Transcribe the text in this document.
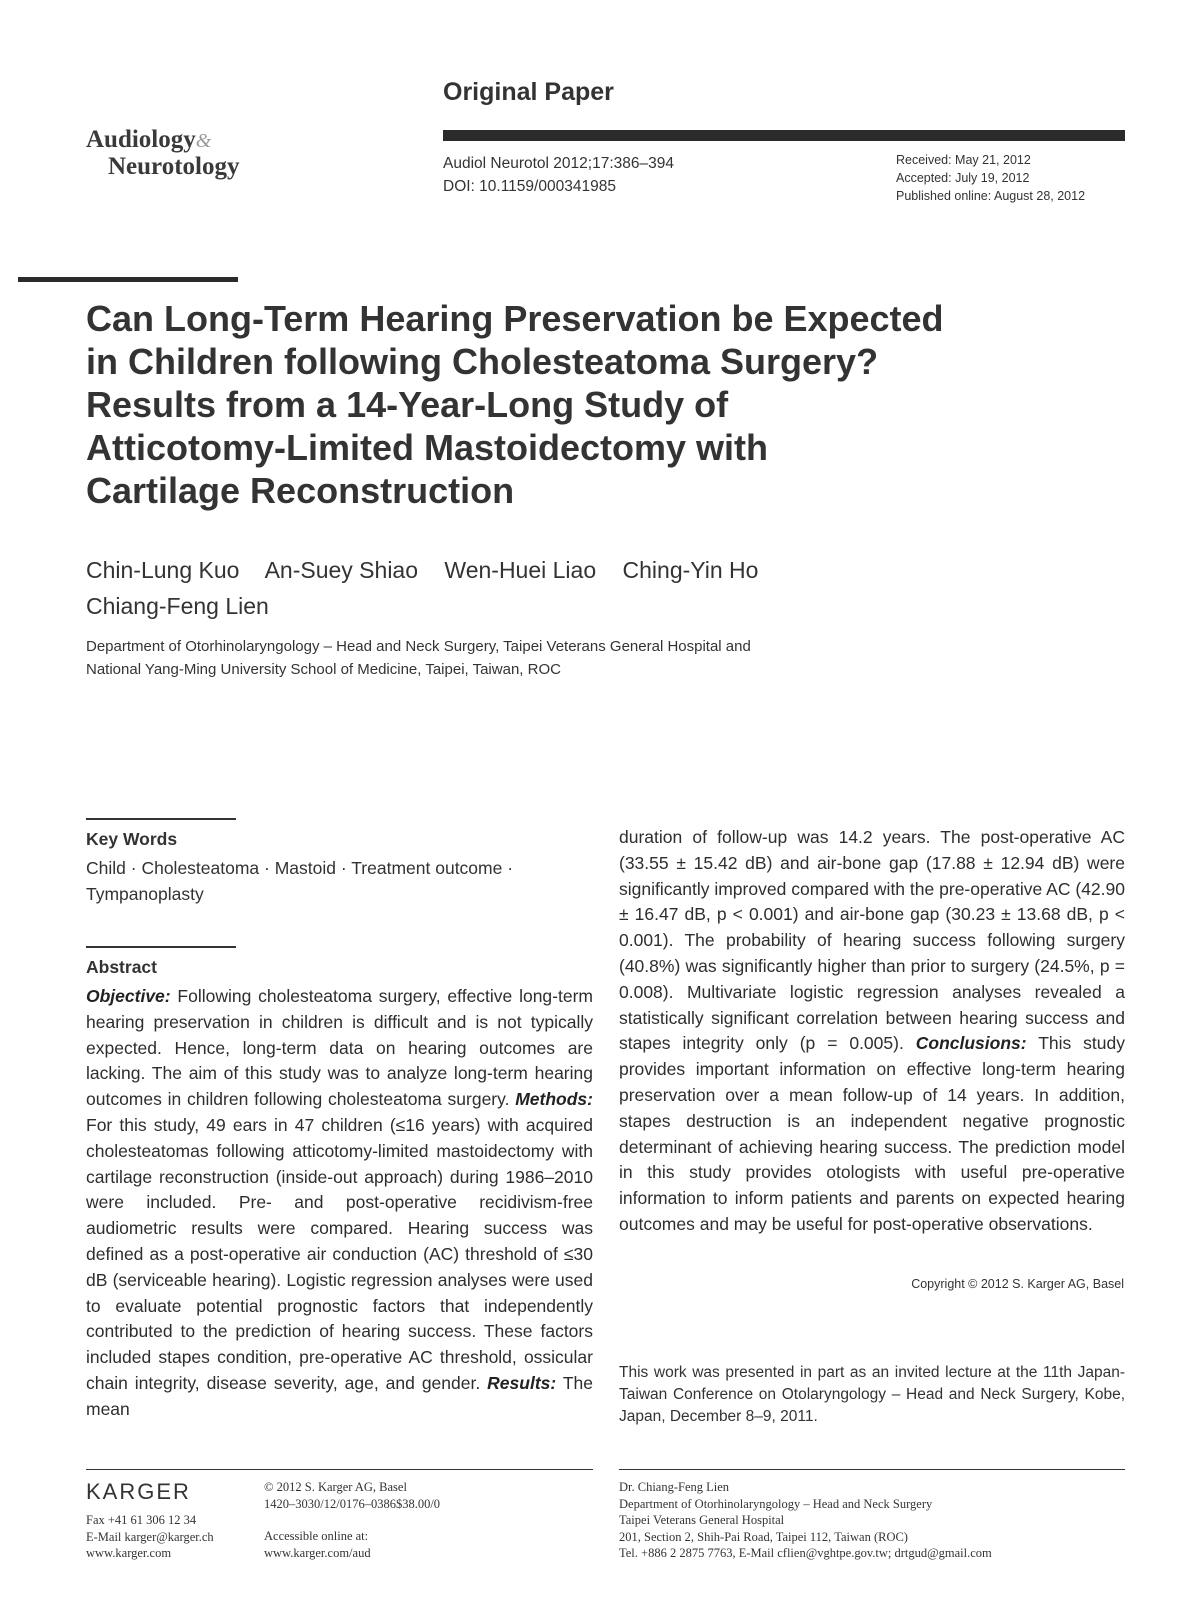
Original Paper
Audiology&
Neurotology	Audiol Neurotol 2012;17:386–394
DOI: 10.1159/000341985
Received: May 21, 2012
Accepted: July 19, 2012
Published online: August 28, 2012
Can Long-Term Hearing Preservation be Expected
in Children following Cholesteatoma Surgery?
Results from a 14-Year-Long Study of
Atticotomy-Limited Mastoidectomy with
Cartilage Reconstruction
Chin-Lung Kuo An-Suey Shiao Wen-Huei Liao Ching-Yin Ho
Chiang-Feng Lien
Department of Otorhinolaryngology – Head and Neck Surgery, Taipei Veterans General Hospital and
National Yang-Ming University School of Medicine, Taipei, Taiwan, ROC
Key Words
Child · Cholesteatoma · Mastoid · Treatment outcome ·
Tympanoplasty
Abstract
Objective: Following cholesteatoma surgery, effective long-term hearing preservation in children is difficult and is not typically expected. Hence, long-term data on hearing outcomes are lacking. The aim of this study was to analyze long-term hearing outcomes in children following cholesteatoma surgery. Methods: For this study, 49 ears in 47 children (≤16 years) with acquired cholesteatomas following atticotomy-limited mastoidectomy with cartilage reconstruction (inside-out approach) during 1986–2010 were included. Pre- and post-operative recidivism-free audiometric results were compared. Hearing success was defined as a post-operative air conduction (AC) threshold of ≤30 dB (serviceable hearing). Logistic regression analyses were used to evaluate potential prognostic factors that independently contributed to the prediction of hearing success. These factors included stapes condition, pre-operative AC threshold, ossicular chain integrity, disease severity, age, and gender. Results: The mean
duration of follow-up was 14.2 years. The post-operative AC (33.55 ± 15.42 dB) and air-bone gap (17.88 ± 12.94 dB) were significantly improved compared with the pre-operative AC (42.90 ± 16.47 dB, p < 0.001) and air-bone gap (30.23 ± 13.68 dB, p < 0.001). The probability of hearing success following surgery (40.8%) was significantly higher than prior to surgery (24.5%, p = 0.008). Multivariate logistic regression analyses revealed a statistically significant correlation between hearing success and stapes integrity only (p = 0.005). Conclusions: This study provides important information on effective long-term hearing preservation over a mean follow-up of 14 years. In addition, stapes destruction is an independent negative prognostic determinant of achieving hearing success. The prediction model in this study provides otologists with useful pre-operative information to inform patients and parents on expected hearing outcomes and may be useful for post-operative observations.
Copyright © 2012 S. Karger AG, Basel
This work was presented in part as an invited lecture at the 11th Japan-Taiwan Conference on Otolaryngology – Head and Neck Surgery, Kobe, Japan, December 8–9, 2011.
KARGER
Fax +41 61 306 12 34
E-Mail karger@karger.ch
www.karger.com
© 2012 S. Karger AG, Basel
1420–3030/12/0176–0386$38.00/0
Accessible online at:
www.karger.com/aud
Dr. Chiang-Feng Lien
Department of Otorhinolaryngology – Head and Neck Surgery
Taipei Veterans General Hospital
201, Section 2, Shih-Pai Road, Taipei 112, Taiwan (ROC)
Tel. +886 2 2875 7763, E-Mail cflien@vghtpe.gov.tw; drtgud@gmail.com
